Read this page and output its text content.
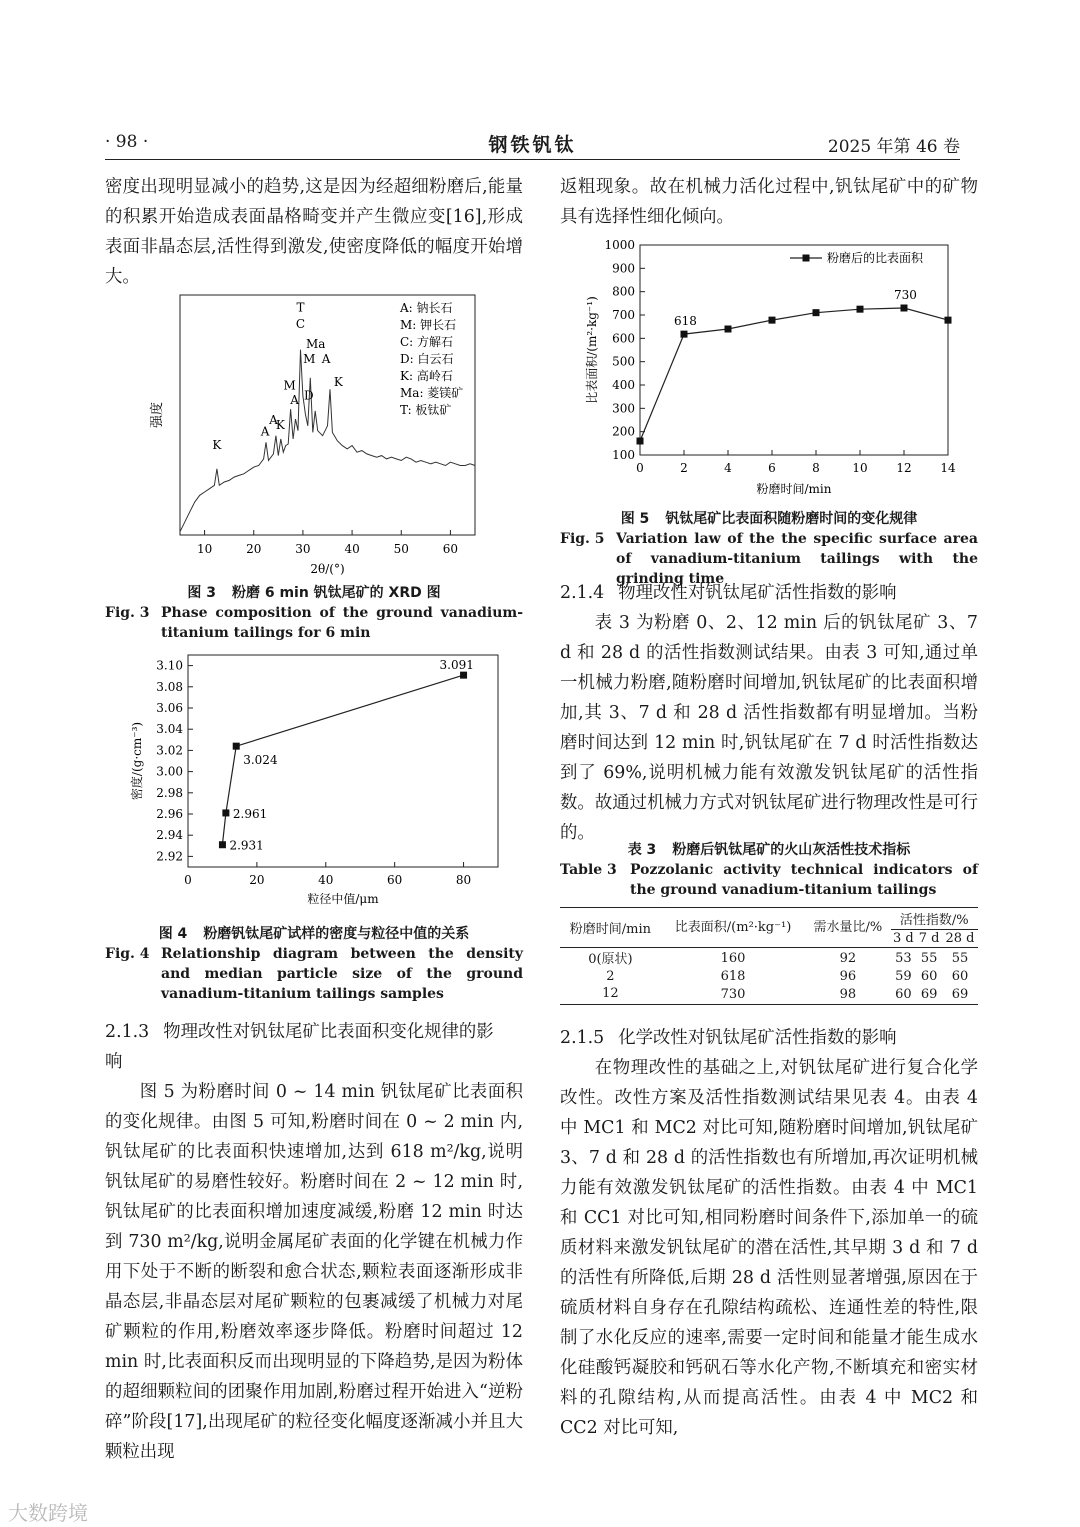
· 98 ·	钢铁钒钛	2025 年第 46 卷

密度出现明显减小的趋势,这是因为经超细粉磨后,能量的积累开始造成表面晶格畸变并产生微应变[16],形成表面非晶态层,活性得到激发,使密度降低的幅度开始增大。

10	20	30	40	50	60
K
A
A
K
M
A
T
C
M
Ma
D
A
K
A: 钠长石
M: 钾长石
C: 方解石
D: 白云石
K: 高岭石
Ma: 菱镁矿
T: 板钛矿
2θ/(°)
强度
图 3 粉磨 6 min 钒钛尾矿的 XRD 图
Fig. 3 Phase composition of the ground vanadium-titanium tailings for 6 min
0	20	40	60	80
2.92
2.94
2.96
2.98
3.00
3.02
3.04
3.06
3.08
3.10
2.931
2.961
3.024
3.091
粒径中值/μm
密度/(g·cm⁻³)
图 4 粉磨钒钛尾矿试样的密度与粒径中值的关系
Fig. 4 Relationship diagram between the density and median particle size of the ground vanadium-titanium tailings samples

2.1.3 物理改性对钒钛尾矿比表面积变化规律的影响

图 5 为粉磨时间 0 ~ 14 min 钒钛尾矿比表面积的变化规律。由图 5 可知,粉磨时间在 0 ~ 2 min 内,钒钛尾矿的比表面积快速增加,达到 618 m²/kg,说明钒钛尾矿的易磨性较好。粉磨时间在 2 ~ 12 min 时,钒钛尾矿的比表面积增加速度减缓,粉磨 12 min 时达到 730 m²/kg,说明金属尾矿表面的化学键在机械力作用下处于不断的断裂和愈合状态,颗粒表面逐渐形成非晶态层,非晶态层对尾矿颗粒的包裹减缓了机械力对尾矿颗粒的作用,粉磨效率逐步降低。粉磨时间超过 12 min 时,比表面积反而出现明显的下降趋势,是因为粉体的超细颗粒间的团聚作用加剧,粉磨过程开始进入“逆粉碎”阶段[17],出现尾矿的粒径变化幅度逐渐减小并且大颗粒出现

返粗现象。故在机械力活化过程中,钒钛尾矿中的矿物具有选择性细化倾向。

0	2	4	6	8	10 12 14
100
200
300
400
500
600
700
800
900
1000
618
730
粉磨后的比表面积
粉磨时间/min
比表面积/(m²·kg⁻¹)
图 5 钒钛尾矿比表面积随粉磨时间的变化规律
Fig. 5 Variation law of the the specific surface area of vanadium-titanium tailings with the grinding time

2.1.4 物理改性对钒钛尾矿活性指数的影响

表 3 为粉磨 0、2、12 min 后的钒钛尾矿 3、7 d 和 28 d 的活性指数测试结果。由表 3 可知,通过单一机械力粉磨,随粉磨时间增加,钒钛尾矿的比表面积增加,其 3、7 d 和 28 d 活性指数都有明显增加。当粉磨时间达到 12 min 时,钒钛尾矿在 7 d 时活性指数达到了 69%,说明机械力能有效激发钒钛尾矿的活性指数。故通过机械力方式对钒钛尾矿进行物理改性是可行的。

表 3 粉磨后钒钛尾矿的火山灰活性技术指标
Table 3 Pozzolanic activity technical indicators of the ground vanadium-titanium tailings
粉磨时间/min	比表面积/(m²·kg⁻¹)	需水量比/%	活性指数/%		
			3 d	7 d	28 d
0(原状)	160	92	53	55	55
2	618	96	59	60	60
12	730	98	60	69	69

2.1.5 化学改性对钒钛尾矿活性指数的影响

在物理改性的基础之上,对钒钛尾矿进行复合化学改性。改性方案及活性指数测试结果见表 4。由表 4 中 MC1 和 MC2 对比可知,随粉磨时间增加,钒钛尾矿 3、7 d 和 28 d 的活性指数也有所增加,再次证明机械力能有效激发钒钛尾矿的活性指数。由表 4 中 MC1 和 CC1 对比可知,相同粉磨时间条件下,添加单一的硫质材料来激发钒钛尾矿的潜在活性,其早期 3 d 和 7 d 的活性有所降低,后期 28 d 活性则显著增强,原因在于硫质材料自身存在孔隙结构疏松、连通性差的特性,限制了水化反应的速率,需要一定时间和能量才能生成水化硅酸钙凝胶和钙矾石等水化产物,不断填充和密实材料的孔隙结构,从而提高活性。由表 4 中 MC2 和 CC2 对比可知,

大数跨境
